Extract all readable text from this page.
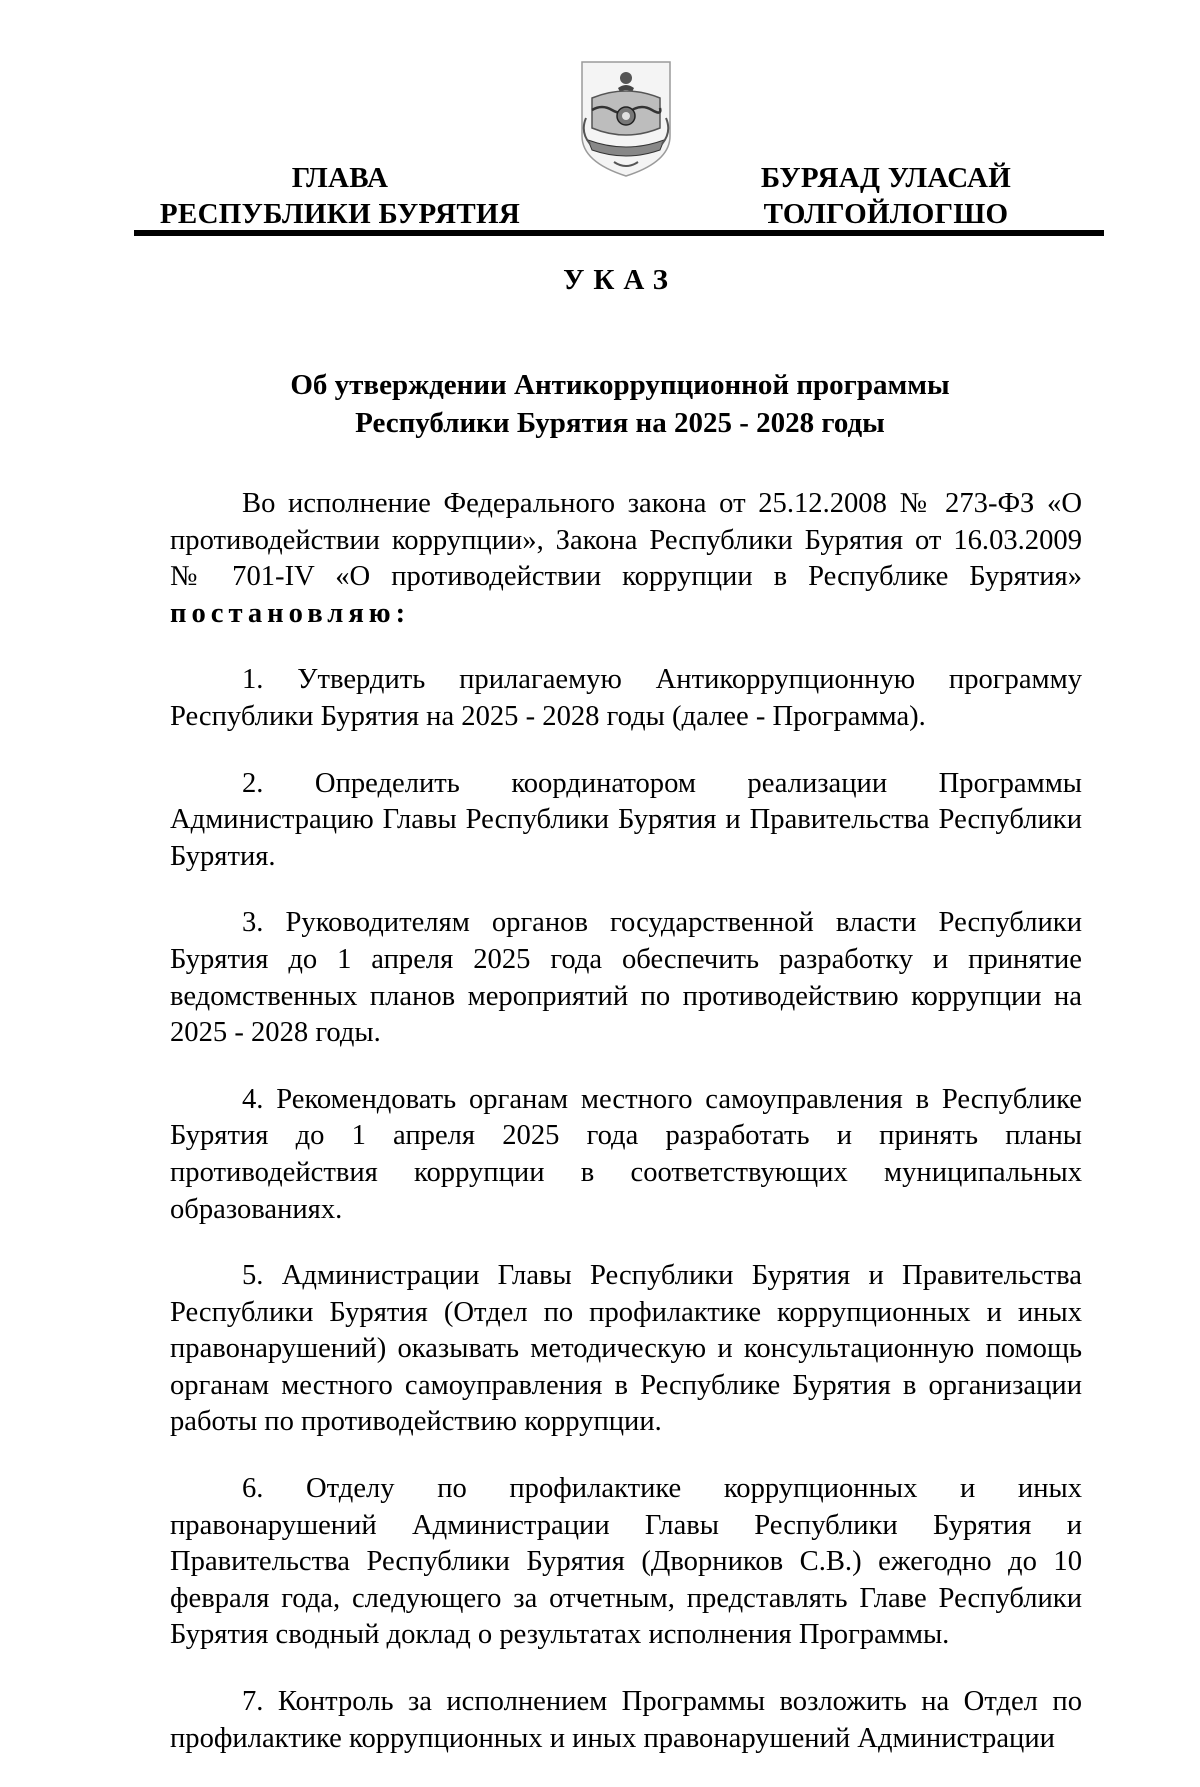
ГЛАВА
РЕСПУБЛИКИ БУРЯТИЯ
БУРЯАД УЛАСАЙ
ТОЛГОЙЛОГШО
УКАЗ
Об утверждении Антикоррупционной программы
Республики Бурятия на 2025 - 2028 годы

Во исполнение Федерального закона от 25.12.2008 № 273-ФЗ «О противодействии коррупции», Закона Республики Бурятия от 16.03.2009 № 701-IV «О противодействии коррупции в Республике Бурятия» постановляю:

1. Утвердить прилагаемую Антикоррупционную программу Республики Бурятия на 2025 - 2028 годы (далее - Программа).

2. Определить координатором реализации Программы Администрацию Главы Республики Бурятия и Правительства Республики Бурятия.

3. Руководителям органов государственной власти Республики Бурятия до 1 апреля 2025 года обеспечить разработку и принятие ведомственных планов мероприятий по противодействию коррупции на 2025 - 2028 годы.

4. Рекомендовать органам местного самоуправления в Республике Бурятия до 1 апреля 2025 года разработать и принять планы противодействия коррупции в соответствующих муниципальных образованиях.

5. Администрации Главы Республики Бурятия и Правительства Республики Бурятия (Отдел по профилактике коррупционных и иных правонарушений) оказывать методическую и консультационную помощь органам местного самоуправления в Республике Бурятия в организации работы по противодействию коррупции.

6. Отделу по профилактике коррупционных и иных правонарушений Администрации Главы Республики Бурятия и Правительства Республики Бурятия (Дворников С.В.) ежегодно до 10 февраля года, следующего за отчетным, представлять Главе Республики Бурятия сводный доклад о результатах исполнения Программы.

7. Контроль за исполнением Программы возложить на Отдел по профилактике коррупционных и иных правонарушений Администрации
